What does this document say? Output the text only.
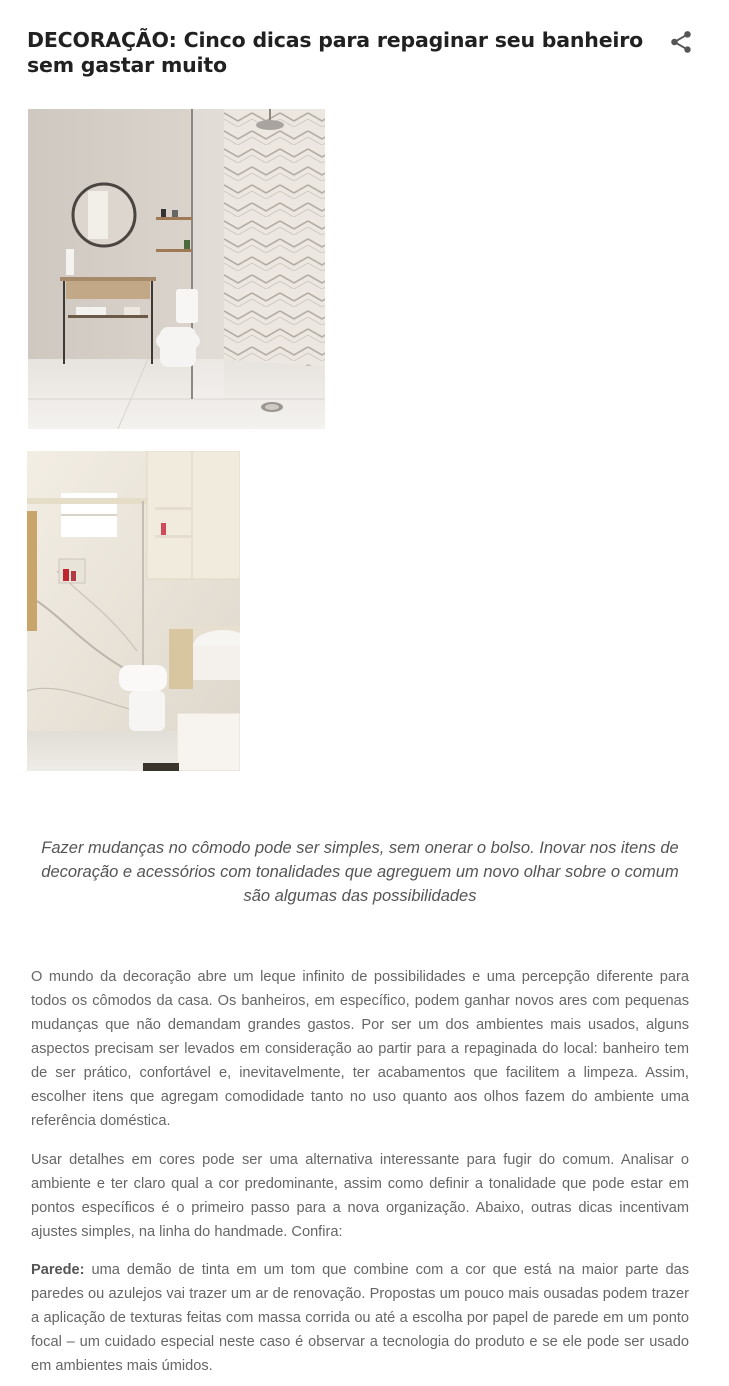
DECORAÇÃO: Cinco dicas para repaginar seu banheiro sem gastar muito

Fazer mudanças no cômodo pode ser simples, sem onerar o bolso. Inovar nos itens de decoração e acessórios com tonalidades que agreguem um novo olhar sobre o comum são algumas das possibilidades

O mundo da decoração abre um leque infinito de possibilidades e uma percepção diferente para todos os cômodos da casa. Os banheiros, em específico, podem ganhar novos ares com pequenas mudanças que não demandam grandes gastos. Por ser um dos ambientes mais usados, alguns aspectos precisam ser levados em consideração ao partir para a repaginada do local: banheiro tem de ser prático, confortável e, inevitavelmente, ter acabamentos que facilitem a limpeza. Assim, escolher itens que agregam comodidade tanto no uso quanto aos olhos fazem do ambiente uma referência doméstica.

Usar detalhes em cores pode ser uma alternativa interessante para fugir do comum. Analisar o ambiente e ter claro qual a cor predominante, assim como definir a tonalidade que pode estar em pontos específicos é o primeiro passo para a nova organização. Abaixo, outras dicas incentivam ajustes simples, na linha do handmade. Confira:

Parede: uma demão de tinta em um tom que combine com a cor que está na maior parte das paredes ou azulejos vai trazer um ar de renovação. Propostas um pouco mais ousadas podem trazer a aplicação de texturas feitas com massa corrida ou até a escolha por papel de parede em um ponto focal – um cuidado especial neste caso é observar a tecnologia do produto e se ele pode ser usado em ambientes mais úmidos.
